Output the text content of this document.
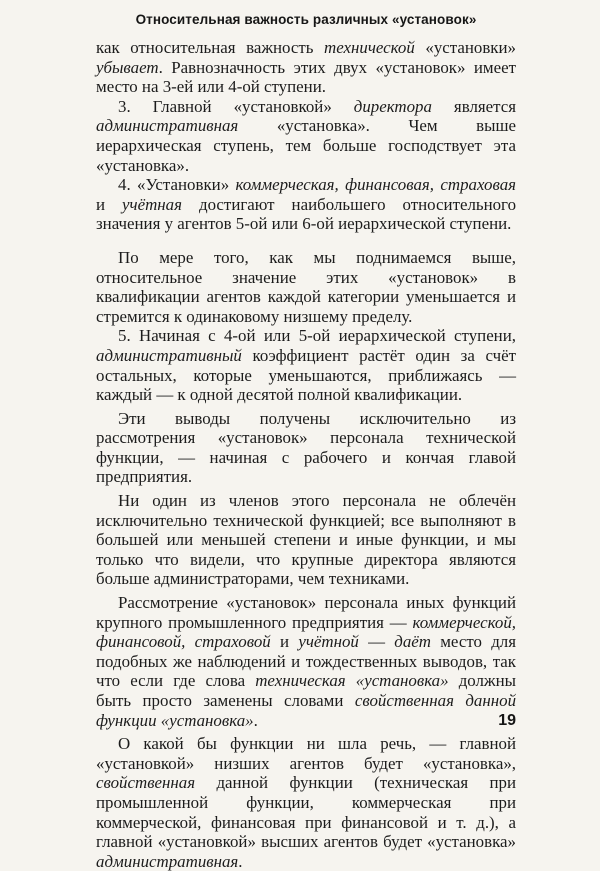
Относительная важность различных «установок»

как относительная важность технической «установки» убывает. Равнозначность этих двух «установок» имеет место на 3-ей или 4-ой ступени.

3. Главной «установкой» директора является административная «установка». Чем выше иерархическая ступень, тем больше господствует эта «установка».

4. «Установки» коммерческая, финансовая, страховая и учётная достигают наибольшего относительного значения у агентов 5-ой или 6-ой иерархической ступени.

По мере того, как мы поднимаемся выше, относительное значение этих «установок» в квалификации агентов каждой категории уменьшается и стремится к одинаковому низшему пределу.

5. Начиная с 4-ой или 5-ой иерархической ступени, административный коэффициент растёт один за счёт остальных, которые уменьшаются, приближаясь — каждый — к одной десятой полной квалификации.

Эти выводы получены исключительно из рассмотрения «установок» персонала технической функции, — начиная с рабочего и кончая главой предприятия.

Ни один из членов этого персонала не облечён исключительно технической функцией; все выполняют в большей или меньшей степени и иные функции, и мы только что видели, что крупные директора являются больше администраторами, чем техниками.

Рассмотрение «установок» персонала иных функций крупного промышленного предприятия — коммерческой, финансовой, страховой и учётной — даёт место для подобных же наблюдений и тождественных выводов, так что если где слова техническая «установка» должны быть просто заменены словами свойственная данной функции «установка».

О какой бы функции ни шла речь, — главной «установкой» низших агентов будет «установка», свойственная данной функции (техническая при промышленной функции, коммерческая при коммерческой, финансовая при финансовой и т. д.), а главной «установкой» высших агентов будет «установка» административная.

19
